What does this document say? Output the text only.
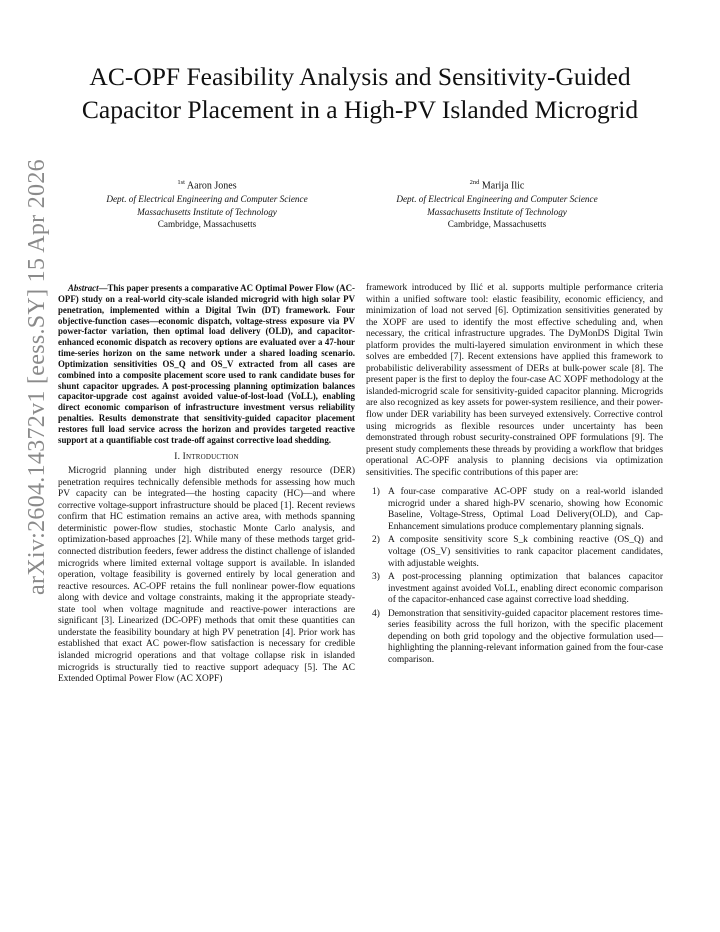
arXiv:2604.14372v1 [eess.SY] 15 Apr 2026
AC-OPF Feasibility Analysis and Sensitivity-Guided Capacitor Placement in a High-PV Islanded Microgrid
$^{1st}$ Aaron Jones
Dept. of Electrical Engineering and Computer Science
Massachusetts Institute of Technology
Cambridge, Massachusetts
$^{2nd}$ Marija Ilic
Dept. of Electrical Engineering and Computer Science
Massachusetts Institute of Technology
Cambridge, Massachusetts

Abstract—This paper presents a comparative AC Optimal Power Flow (AC-OPF) study on a real-world city-scale islanded microgrid with high solar PV penetration, implemented within a Digital Twin (DT) framework. Four objective-function cases—economic dispatch, voltage-stress exposure via PV power-factor variation, then optimal load delivery (OLD), and capacitor-enhanced economic dispatch as recovery options are evaluated over a 47-hour time-series horizon on the same network under a shared loading scenario. Optimization sensitivities OS_Q and OS_V extracted from all cases are combined into a composite placement score used to rank candidate buses for shunt capacitor upgrades. A post-processing planning optimization balances capacitor-upgrade cost against avoided value-of-lost-load (VoLL), enabling direct economic comparison of infrastructure investment versus reliability penalties. Results demonstrate that sensitivity-guided capacitor placement restores full load service across the horizon and provides targeted reactive support at a quantifiable cost trade-off against corrective load shedding.

I. Introduction

Microgrid planning under high distributed energy resource (DER) penetration requires technically defensible methods for assessing how much PV capacity can be integrated—the hosting capacity (HC)—and where corrective voltage-support infrastructure should be placed [1]. Recent reviews confirm that HC estimation remains an active area, with methods spanning deterministic power-flow studies, stochastic Monte Carlo analysis, and optimization-based approaches [2]. While many of these methods target grid-connected distribution feeders, fewer address the distinct challenge of islanded microgrids where limited external voltage support is available. In islanded operation, voltage feasibility is governed entirely by local generation and reactive resources. AC-OPF retains the full nonlinear power-flow equations along with device and voltage constraints, making it the appropriate steady-state tool when voltage magnitude and reactive-power interactions are significant [3]. Linearized (DC-OPF) methods that omit these quantities can understate the feasibility boundary at high PV penetration [4]. Prior work has established that exact AC power-flow satisfaction is necessary for credible islanded microgrid operations and that voltage collapse risk in islanded microgrids is structurally tied to reactive support adequacy [5]. The AC Extended Optimal Power Flow (AC XOPF)

framework introduced by Ilić et al. supports multiple performance criteria within a unified software tool: elastic feasibility, economic efficiency, and minimization of load not served [6]. Optimization sensitivities generated by the XOPF are used to identify the most effective scheduling and, when necessary, the critical infrastructure upgrades. The DyMonDS Digital Twin platform provides the multi-layered simulation environment in which these solves are embedded [7]. Recent extensions have applied this framework to probabilistic deliverability assessment of DERs at bulk-power scale [8]. The present paper is the first to deploy the four-case AC XOPF methodology at the islanded-microgrid scale for sensitivity-guided capacitor planning. Microgrids are also recognized as key assets for power-system resilience, and their power-flow under DER variability has been surveyed extensively. Corrective control using microgrids as flexible resources under uncertainty has been demonstrated through robust security-constrained OPF formulations [9]. The present study complements these threads by providing a workflow that bridges operational AC-OPF analysis to planning decisions via optimization sensitivities. The specific contributions of this paper are:

1) A four-case comparative AC-OPF study on a real-world islanded microgrid under a shared high-PV scenario, showing how Economic Baseline, Voltage-Stress, Optimal Load Delivery(OLD), and Cap-Enhancement simulations produce complementary planning signals.
2) A composite sensitivity score S_k combining reactive (OS_Q) and voltage (OS_V) sensitivities to rank capacitor placement candidates, with adjustable weights.
3) A post-processing planning optimization that balances capacitor investment against avoided VoLL, enabling direct economic comparison of the capacitor-enhanced case against corrective load shedding.
4) Demonstration that sensitivity-guided capacitor placement restores time-series feasibility across the full horizon, with the specific placement depending on both grid topology and the objective formulation used—highlighting the planning-relevant information gained from the four-case comparison.
